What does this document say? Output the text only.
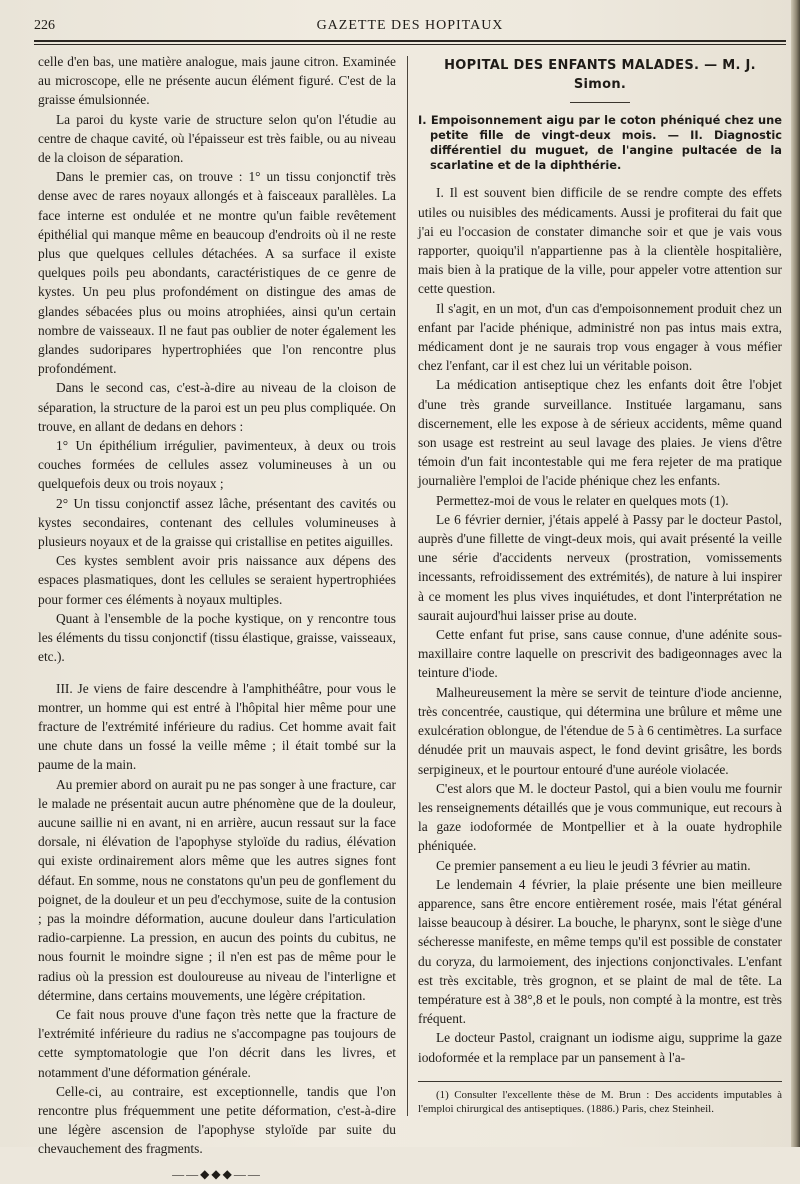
226	GAZETTE DES HOPITAUX

celle d'en bas, une matière analogue, mais jaune citron. Examinée au microscope, elle ne présente aucun élément figuré. C'est de la graisse émulsionnée.

La paroi du kyste varie de structure selon qu'on l'étudie au centre de chaque cavité, où l'épaisseur est très faible, ou au niveau de la cloison de séparation.

Dans le premier cas, on trouve : 1° un tissu conjonctif très dense avec de rares noyaux allongés et à faisceaux parallèles. La face interne est ondulée et ne montre qu'un faible revêtement épithélial qui manque même en beaucoup d'endroits où il ne reste plus que quelques cellules détachées. A sa surface il existe quelques poils peu abondants, caractéristiques de ce genre de kystes. Un peu plus profondément on distingue des amas de glandes sébacées plus ou moins atrophiées, ainsi qu'un certain nombre de vaisseaux. Il ne faut pas oublier de noter également les glandes sudoripares hypertrophiées que l'on rencontre plus profondément.

Dans le second cas, c'est-à-dire au niveau de la cloison de séparation, la structure de la paroi est un peu plus compliquée. On trouve, en allant de dedans en dehors :

1° Un épithélium irrégulier, pavimenteux, à deux ou trois couches formées de cellules assez volumineuses à un ou quelquefois deux ou trois noyaux ;

2° Un tissu conjonctif assez lâche, présentant des cavités ou kystes secondaires, contenant des cellules volumineuses à plusieurs noyaux et de la graisse qui cristallise en petites aiguilles.

Ces kystes semblent avoir pris naissance aux dépens des espaces plasmatiques, dont les cellules se seraient hypertrophiées pour former ces éléments à noyaux multiples.

Quant à l'ensemble de la poche kystique, on y rencontre tous les éléments du tissu conjonctif (tissu élastique, graisse, vaisseaux, etc.).

III. Je viens de faire descendre à l'amphithéâtre, pour vous le montrer, un homme qui est entré à l'hôpital hier même pour une fracture de l'extrémité inférieure du radius. Cet homme avait fait une chute dans un fossé la veille même ; il était tombé sur la paume de la main.

Au premier abord on aurait pu ne pas songer à une fracture, car le malade ne présentait aucun autre phénomène que de la douleur, aucune saillie ni en avant, ni en arrière, aucun ressaut sur la face dorsale, ni élévation de l'apophyse styloïde du radius, élévation qui existe ordinairement alors même que les autres signes font défaut. En somme, nous ne constatons qu'un peu de gonflement du poignet, de la douleur et un peu d'ecchymose, suite de la contusion ; pas la moindre déformation, aucune douleur dans l'articulation radio-carpienne. La pression, en aucun des points du cubitus, ne nous fournit le moindre signe ; il n'en est pas de même pour le radius où la pression est douloureuse au niveau de l'interligne et détermine, dans certains mouvements, une légère crépitation.

Ce fait nous prouve d'une façon très nette que la fracture de l'extrémité inférieure du radius ne s'accompagne pas toujours de cette symptomatologie que l'on décrit dans les livres, et notamment d'une déformation générale.

Celle-ci, au contraire, est exceptionnelle, tandis que l'on rencontre plus fréquemment une petite déformation, c'est-à-dire une légère ascension de l'apophyse styloïde par suite du chevauchement des fragments.

——◆◆◆——
HOPITAL DES ENFANTS MALADES. — M. J. Simon.
I. Empoisonnement aigu par le coton phéniqué chez une petite fille de vingt-deux mois. — II. Diagnostic différentiel du muguet, de l'angine pultacée de la scarlatine et de la diphthérie.

I. Il est souvent bien difficile de se rendre compte des effets utiles ou nuisibles des médicaments. Aussi je profiterai du fait que j'ai eu l'occasion de constater dimanche soir et que je vais vous rapporter, quoiqu'il n'appartienne pas à la clientèle hospitalière, mais bien à la pratique de la ville, pour appeler votre attention sur cette question.

Il s'agit, en un mot, d'un cas d'empoisonnement produit chez un enfant par l'acide phénique, administré non pas intus mais extra, médicament dont je ne saurais trop vous engager à vous méfier chez l'enfant, car il est chez lui un véritable poison.

La médication antiseptique chez les enfants doit être l'objet d'une très grande surveillance. Instituée largamanu, sans discernement, elle les expose à de sérieux accidents, même quand son usage est restreint au seul lavage des plaies. Je viens d'être témoin d'un fait incontestable qui me fera rejeter de ma pratique journalière l'emploi de l'acide phénique chez les enfants.

Permettez-moi de vous le relater en quelques mots (1).

Le 6 février dernier, j'étais appelé à Passy par le docteur Pastol, auprès d'une fillette de vingt-deux mois, qui avait présenté la veille une série d'accidents nerveux (prostration, vomissements incessants, refroidissement des extrémités), de nature à lui inspirer à ce moment les plus vives inquiétudes, et dont l'interprétation ne saurait aujourd'hui laisser prise au doute.

Cette enfant fut prise, sans cause connue, d'une adénite sous-maxillaire contre laquelle on prescrivit des badigeonnages avec la teinture d'iode.

Malheureusement la mère se servit de teinture d'iode ancienne, très concentrée, caustique, qui détermina une brûlure et même une exulcération oblongue, de l'étendue de 5 à 6 centimètres. La surface dénudée prit un mauvais aspect, le fond devint grisâtre, les bords serpigineux, et le pourtour entouré d'une auréole violacée.

C'est alors que M. le docteur Pastol, qui a bien voulu me fournir les renseignements détaillés que je vous communique, eut recours à la gaze iodoformée de Montpellier et à la ouate hydrophile phéniquée.

Ce premier pansement a eu lieu le jeudi 3 février au matin.

Le lendemain 4 février, la plaie présente une bien meilleure apparence, sans être encore entièrement rosée, mais l'état général laisse beaucoup à désirer. La bouche, le pharynx, sont le siège d'une sécheresse manifeste, en même temps qu'il est possible de constater du coryza, du larmoiement, des injections conjonctivales. L'enfant est très excitable, très grognon, et se plaint de mal de tête. La température est à 38°,8 et le pouls, non compté à la montre, est très fréquent.

Le docteur Pastol, craignant un iodisme aigu, supprime la gaze iodoformée et la remplace par un pansement à l'a-

(1) Consulter l'excellente thèse de M. Brun : Des accidents imputables à l'emploi chirurgical des antiseptiques. (1886.) Paris, chez Steinheil.
